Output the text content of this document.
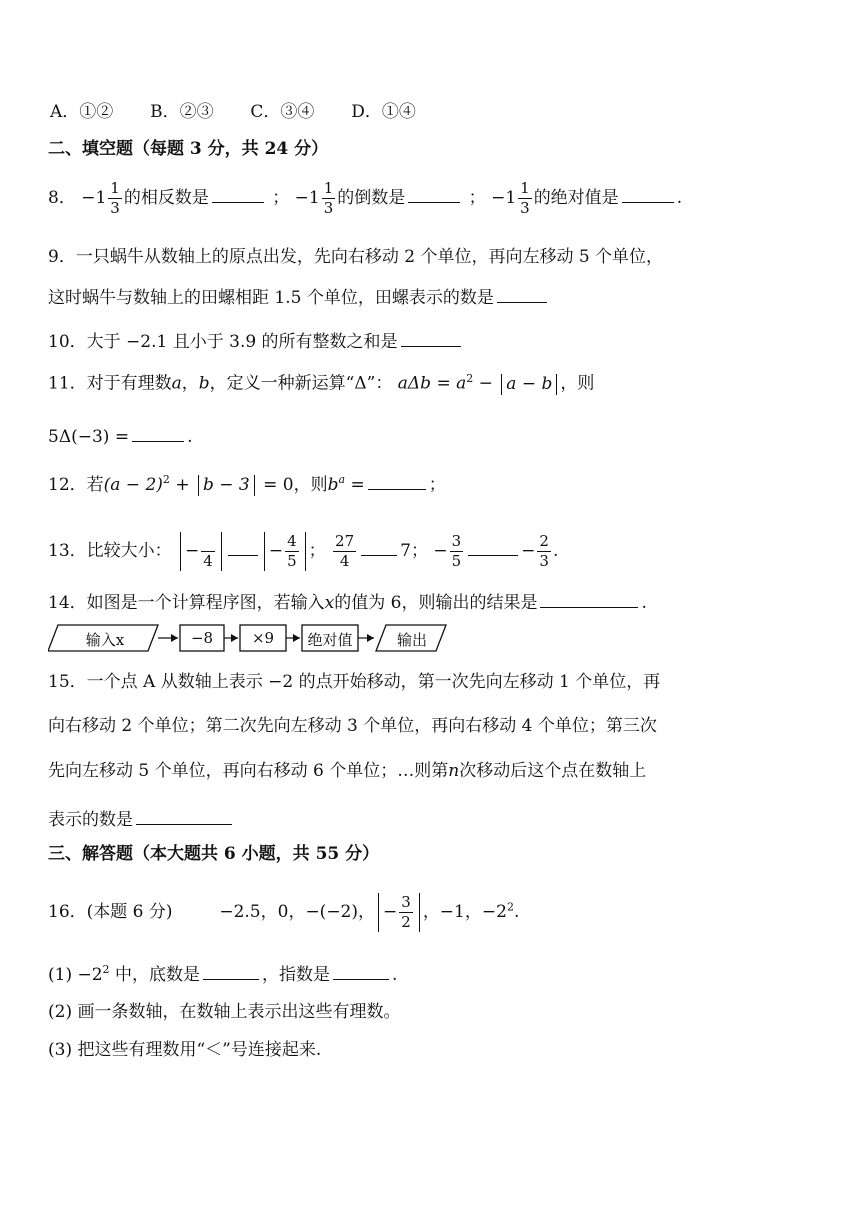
A．①② B．②③ C．③④ D．①④
二、填空题（每题 3 分，共 24 分）
8． $-1 \frac{1}{3}$ 的相反数是	； $-1 \frac{1}{3}$ 的倒数是	； $-1 \frac{1}{3}$ 的绝对值是	.
9．一只蜗牛从数轴上的原点出发，先向右移动 2 个单位，再向左移动 5 个单位，
这时蜗牛与数轴上的田螺相距 1.5 个单位，田螺表示的数是
10．大于 −2.1 且小于 3.9 的所有整数之和是
11．对于有理数a，b，定义一种新运算“Δ”： $a\Delta b = a^2 - a - b$ ，则
5Δ(−3) =	.
12．若$(a - 2)^2 + b - 3 = 0$，则$b^a$ =	；
13．比较大小： −
4	− $\frac{4}{5}$ ； $\frac{27}{4}$	7； − $\frac{3}{5}$	− $\frac{2}{3}$ .
14．如图是一个计算程序图，若输入x的值为 6，则输出的结果是	.
输入x	−8	×9	绝对值	输出
15．一个点 A 从数轴上表示 −2 的点开始移动，第一次先向左移动 1 个单位，再
向右移动 2 个单位；第二次先向左移动 3 个单位，再向右移动 4 个单位；第三次
先向左移动 5 个单位，再向右移动 6 个单位；…则第n次移动后这个点在数轴上
表示的数是
三、解答题（本大题共 6 小题，共 55 分）
16．(本题 6 分)	−2.5，0，−(−2)， − $\frac{3}{2}$ ，−1，$-2^2$.
$(1) -2^2$ 中，底数是	，指数是	.
(2) 画一条数轴，在数轴上表示出这些有理数。
(3) 把这些有理数用“＜”号连接起来.
